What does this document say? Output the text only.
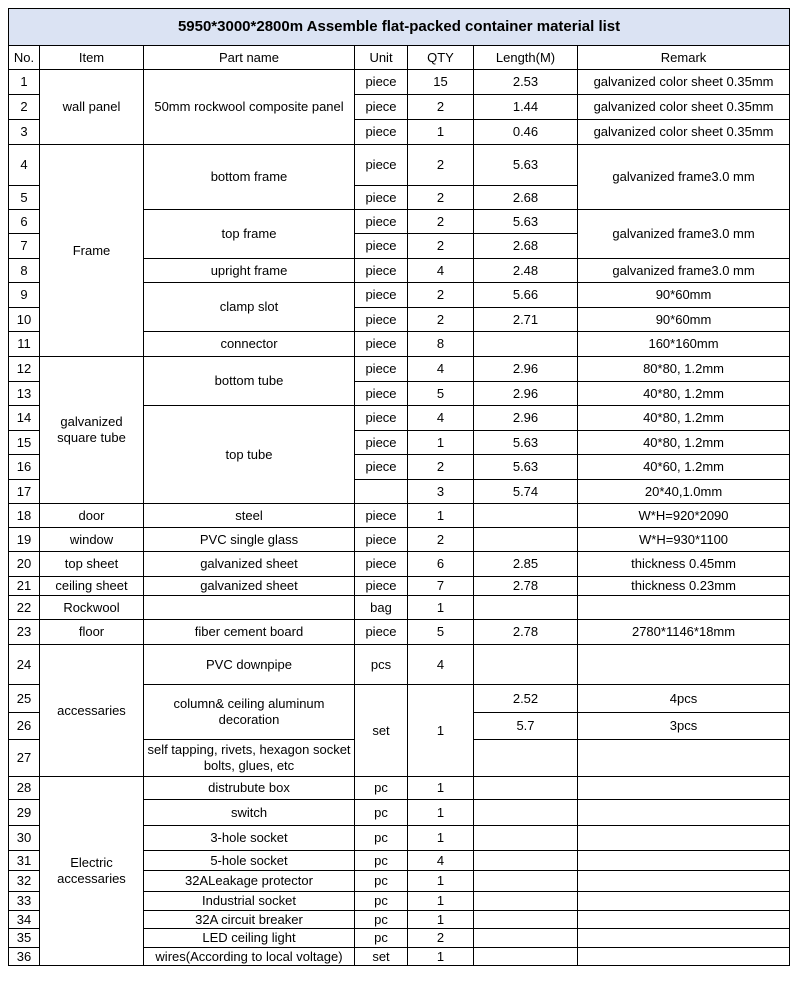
5950*3000*2800m Assemble flat-packed container material list						
No.	Item	Part name	Unit	QTY	Length(M)	Remark
1	wall panel	50mm rockwool composite panel	piece	15	2.53	galvanized color sheet 0.35mm
2			piece	2	1.44	galvanized color sheet 0.35mm
3			piece	1	0.46	galvanized color sheet 0.35mm
4	Frame	bottom frame	piece	2	5.63	galvanized frame3.0 mm
5			piece	2	2.68	
6		top frame	piece	2	5.63	galvanized frame3.0 mm
7			piece	2	2.68	
8		upright frame	piece	4	2.48	galvanized frame3.0 mm
9		clamp slot	piece	2	5.66	90*60mm
10			piece	2	2.71	90*60mm
11		connector	piece	8		160*160mm
12	galvanized square tube	bottom tube	piece	4	2.96	80*80, 1.2mm
13			piece	5	2.96	40*80, 1.2mm
14		top tube	piece	4	2.96	40*80, 1.2mm
15			piece	1	5.63	40*80, 1.2mm
16			piece	2	5.63	40*60, 1.2mm
17				3	5.74	20*40,1.0mm
18	door	steel	piece	1		W*H=920*2090
19	window	PVC single glass	piece	2		W*H=930*1100
20	top sheet	galvanized sheet	piece	6	2.85	thickness 0.45mm
21	ceiling sheet	galvanized sheet	piece	7	2.78	thickness 0.23mm
22	Rockwool		bag	1		
23	floor	fiber cement board	piece	5	2.78	2780*1146*18mm
24	accessaries	PVC downpipe	pcs	4		
25		column& ceiling aluminum decoration	set	1	2.52	4pcs
26					5.7	3pcs
27		self tapping, rivets, hexagon socket bolts, glues, etc				
28	Electric accessaries	distrubute box	pc	1		
29		switch	pc	1		
30		3-hole socket	pc	1		
31		5-hole socket	pc	4		
32		32ALeakage protector	pc	1		
33		Industrial socket	pc	1		
34		32A circuit breaker	pc	1		
35		LED ceiling light	pc	2		
36		wires(According to local voltage)	set	1		
